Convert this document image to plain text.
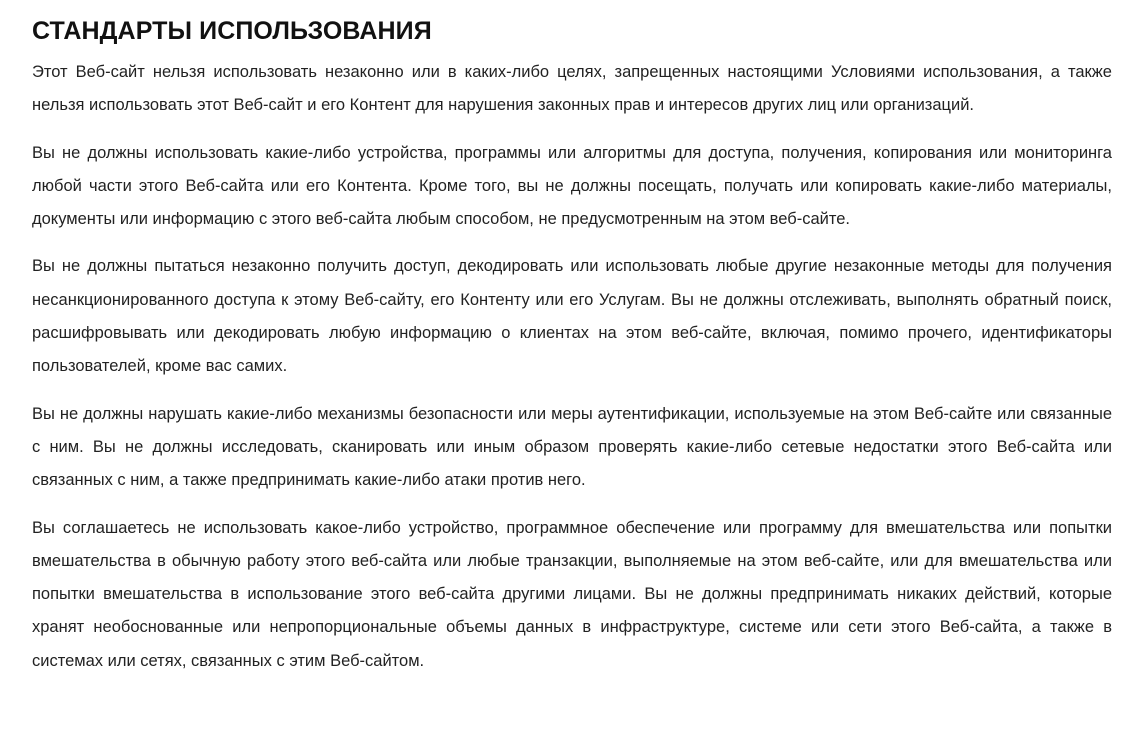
СТАНДАРТЫ ИСПОЛЬЗОВАНИЯ

Этот Веб-сайт нельзя использовать незаконно или в каких-либо целях, запрещенных настоящими Условиями использования, а также нельзя использовать этот Веб-сайт и его Контент для нарушения законных прав и интересов других лиц или организаций.

Вы не должны использовать какие-либо устройства, программы или алгоритмы для доступа, получения, копирования или мониторинга любой части этого Веб-сайта или его Контента. Кроме того, вы не должны посещать, получать или копировать какие-либо материалы, документы или информацию с этого веб-сайта любым способом, не предусмотренным на этом веб-сайте.

Вы не должны пытаться незаконно получить доступ, декодировать или использовать любые другие незаконные методы для получения несанкционированного доступа к этому Веб-сайту, его Контенту или его Услугам. Вы не должны отслеживать, выполнять обратный поиск, расшифровывать или декодировать любую информацию о клиентах на этом веб-сайте, включая, помимо прочего, идентификаторы пользователей, кроме вас самих.

Вы не должны нарушать какие-либо механизмы безопасности или меры аутентификации, используемые на этом Веб-сайте или связанные с ним. Вы не должны исследовать, сканировать или иным образом проверять какие-либо сетевые недостатки этого Веб-сайта или связанных с ним, а также предпринимать какие-либо атаки против него.

Вы соглашаетесь не использовать какое-либо устройство, программное обеспечение или программу для вмешательства или попытки вмешательства в обычную работу этого веб-сайта или любые транзакции, выполняемые на этом веб-сайте, или для вмешательства или попытки вмешательства в использование этого веб-сайта другими лицами. Вы не должны предпринимать никаких действий, которые хранят необоснованные или непропорциональные объемы данных в инфраструктуре, системе или сети этого Веб-сайта, а также в системах или сетях, связанных с этим Веб-сайтом.
